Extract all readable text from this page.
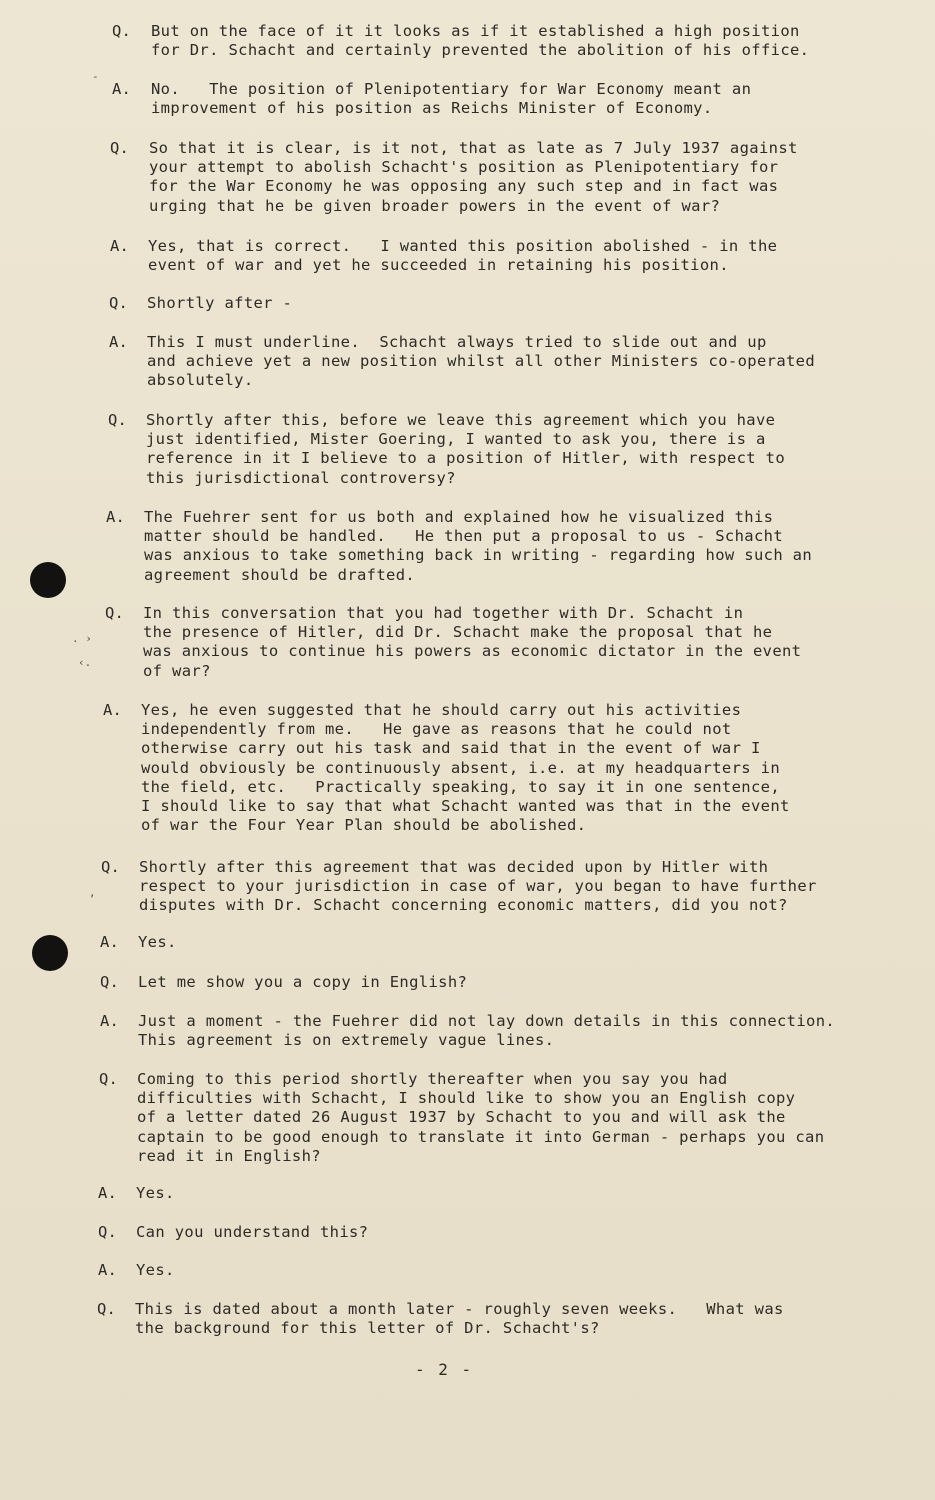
-
. ›
‹.
,
Q. But on the face of it it looks as if it established a high position
for Dr. Schacht and certainly prevented the abolition of his office.
A. No.   The position of Plenipotentiary for War Economy meant an
improvement of his position as Reichs Minister of Economy.
Q. So that it is clear, is it not, that as late as 7 July 1937 against
your attempt to abolish Schacht's position as Plenipotentiary for
for the War Economy he was opposing any such step and in fact was
urging that he be given broader powers in the event of war?
A. Yes, that is correct.   I wanted this position abolished - in the
event of war and yet he succeeded in retaining his position.
Q. Shortly after -
A. This I must underline.  Schacht always tried to slide out and up
and achieve yet a new position whilst all other Ministers co-operated
absolutely.
Q. Shortly after this, before we leave this agreement which you have
just identified, Mister Goering, I wanted to ask you, there is a
reference in it I believe to a position of Hitler, with respect to
this jurisdictional controversy?
A. The Fuehrer sent for us both and explained how he visualized this
matter should be handled.   He then put a proposal to us - Schacht
was anxious to take something back in writing - regarding how such an
agreement should be drafted.
Q. In this conversation that you had together with Dr. Schacht in
the presence of Hitler, did Dr. Schacht make the proposal that he
was anxious to continue his powers as economic dictator in the event
of war?
A. Yes, he even suggested that he should carry out his activities
independently from me.   He gave as reasons that he could not
otherwise carry out his task and said that in the event of war I
would obviously be continuously absent, i.e. at my headquarters in
the field, etc.   Practically speaking, to say it in one sentence,
I should like to say that what Schacht wanted was that in the event
of war the Four Year Plan should be abolished.
Q. Shortly after this agreement that was decided upon by Hitler with
respect to your jurisdiction in case of war, you began to have further
disputes with Dr. Schacht concerning economic matters, did you not?
A. Yes.
Q. Let me show you a copy in English?
A. Just a moment - the Fuehrer did not lay down details in this connection.
This agreement is on extremely vague lines.
Q. Coming to this period shortly thereafter when you say you had
difficulties with Schacht, I should like to show you an English copy
of a letter dated 26 August 1937 by Schacht to you and will ask the
captain to be good enough to translate it into German - perhaps you can
read it in English?
A. Yes.
Q. Can you understand this?
A. Yes.
Q. This is dated about a month later - roughly seven weeks.   What was
the background for this letter of Dr. Schacht's?
- 2 -
